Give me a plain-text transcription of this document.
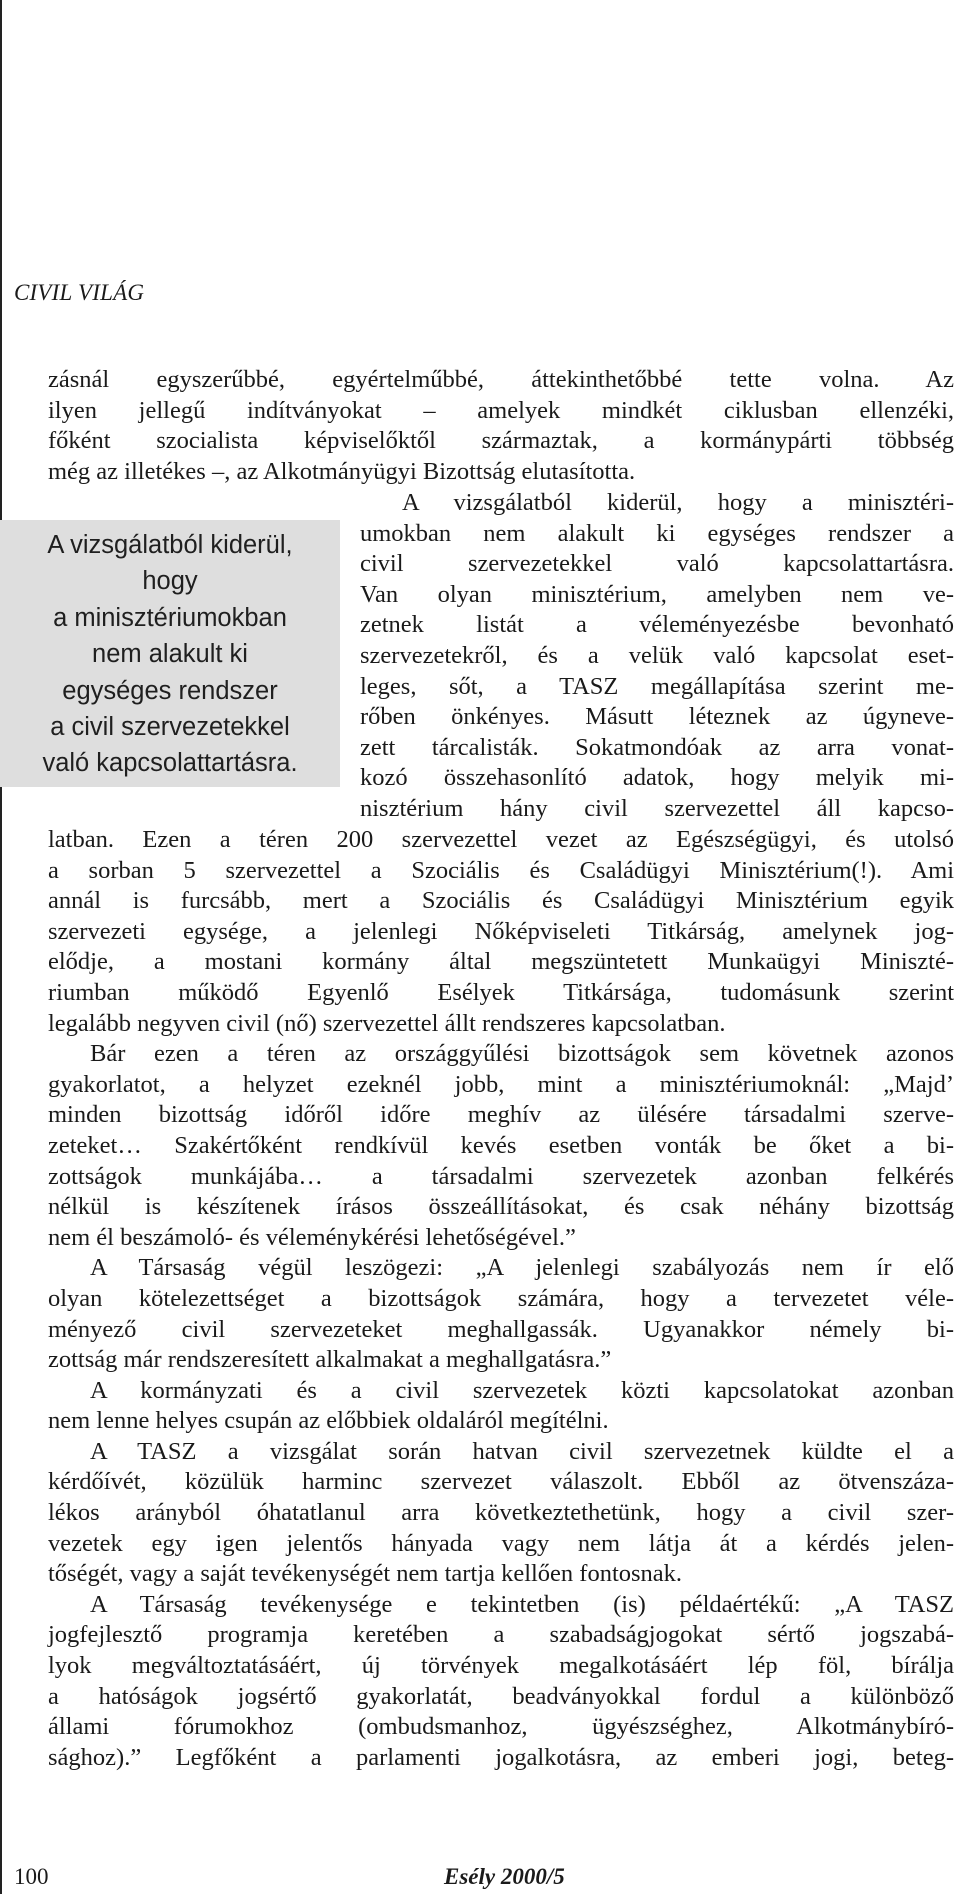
CIVIL VILÁG
zásnál egyszerűbbé, egyértelműbbé, áttekinthetőbbé tette volna. Az
ilyen jellegű indítványokat – amelyek mindkét ciklusban ellenzéki,
főként szocialista képviselőktől származtak, a kormánypárti többség
még az illetékes –, az Alkotmányügyi Bizottság elutasította.
A vizsgálatból kiderül,
hogy
a minisztériumokban
nem alakult ki
egységes rendszer
a civil szervezetekkel
való kapcsolattartásra.
A vizsgálatból kiderül, hogy a minisztéri-
umokban nem alakult ki egységes rendszer a
civil szervezetekkel való kapcsolattartásra.
Van olyan minisztérium, amelyben nem ve-
zetnek listát a véleményezésbe bevonható
szervezetekről, és a velük való kapcsolat eset-
leges, sőt, a TASZ megállapítása szerint me-
rőben önkényes. Másutt léteznek az úgyneve-
zett tárcalisták. Sokatmondóak az arra vonat-
kozó összehasonlító adatok, hogy melyik mi-
nisztérium hány civil szervezettel áll kapcso-
latban. Ezen a téren 200 szervezettel vezet az Egészségügyi, és utolsó
a sorban 5 szervezettel a Szociális és Családügyi Minisztérium(!). Ami
annál is furcsább, mert a Szociális és Családügyi Minisztérium egyik
szervezeti egysége, a jelenlegi Nőképviseleti Titkárság, amelynek jog-
elődje, a mostani kormány által megszüntetett Munkaügyi Miniszté-
riumban működő Egyenlő Esélyek Titkársága, tudomásunk szerint
legalább negyven civil (nő) szervezettel állt rendszeres kapcsolatban.
Bár ezen a téren az országgyűlési bizottságok sem követnek azonos
gyakorlatot, a helyzet ezeknél jobb, mint a minisztériumoknál: „Majd’
minden bizottság időről időre meghív az ülésére társadalmi szerve-
zeteket… Szakértőként rendkívül kevés esetben vonták be őket a bi-
zottságok munkájába… a társadalmi szervezetek azonban felkérés
nélkül is készítenek írásos összeállításokat, és csak néhány bizottság
nem él beszámoló- és véleménykérési lehetőségével.”
A Társaság végül leszögezi: „A jelenlegi szabályozás nem ír elő
olyan kötelezettséget a bizottságok számára, hogy a tervezetet véle-
ményező civil szervezeteket meghallgassák. Ugyanakkor némely bi-
zottság már rendszeresített alkalmakat a meghallgatásra.”
A kormányzati és a civil szervezetek közti kapcsolatokat azonban
nem lenne helyes csupán az előbbiek oldaláról megítélni.
A TASZ a vizsgálat során hatvan civil szervezetnek küldte el a
kérdőívét, közülük harminc szervezet válaszolt. Ebből az ötvenszáza-
lékos arányból óhatatlanul arra következtethetünk, hogy a civil szer-
vezetek egy igen jelentős hányada vagy nem látja át a kérdés jelen-
tőségét, vagy a saját tevékenységét nem tartja kellően fontosnak.
A Társaság tevékenysége e tekintetben (is) példaértékű: „A TASZ
jogfejlesztő programja keretében a szabadságjogokat sértő jogszabá-
lyok megváltoztatásáért, új törvények megalkotásáért lép föl, bírálja
a hatóságok jogsértő gyakorlatát, beadványokkal fordul a különböző
állami fórumokhoz (ombudsmanhoz, ügyészséghez, Alkotmánybíró-
sághoz).” Legfőként a parlamenti jogalkotásra, az emberi jogi, beteg-
100	Esély 2000/5
